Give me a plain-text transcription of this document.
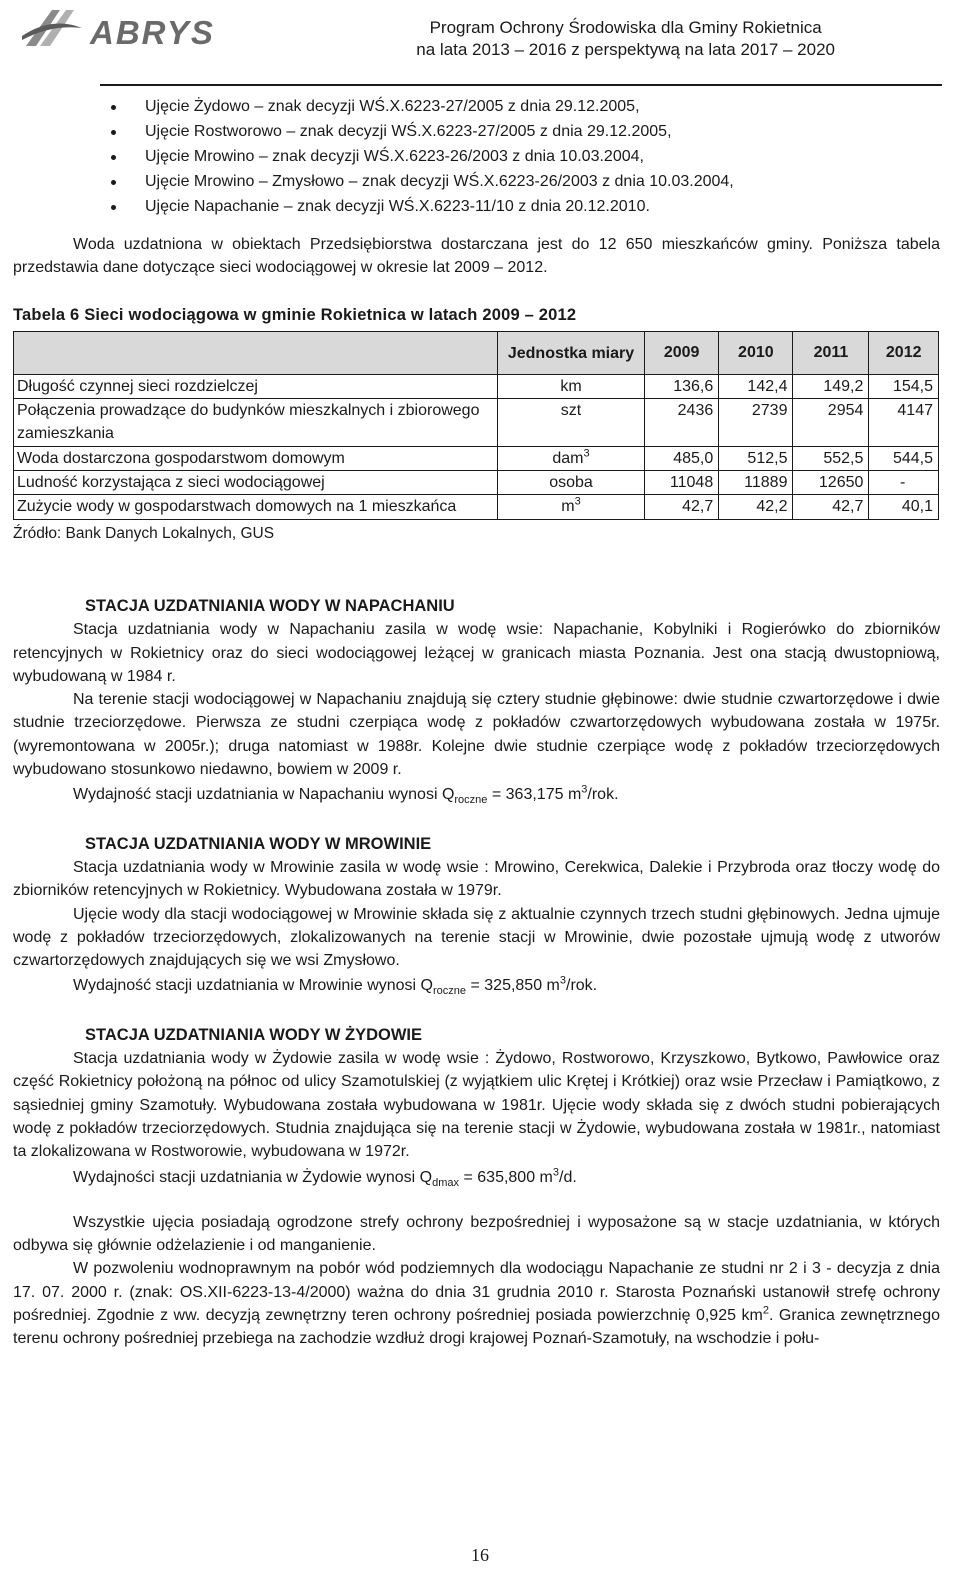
ABRYS	Program Ochrony Środowiska dla Gminy Rokietnica
na lata 2013 – 2016 z perspektywą na lata 2017 – 2020
Ujęcie Żydowo – znak decyzji WŚ.X.6223-27/2005 z dnia 29.12.2005,
Ujęcie Rostworowo – znak decyzji WŚ.X.6223-27/2005 z dnia 29.12.2005,
Ujęcie Mrowino – znak decyzji WŚ.X.6223-26/2003 z dnia 10.03.2004,
Ujęcie Mrowino – Zmysłowo – znak decyzji WŚ.X.6223-26/2003 z dnia 10.03.2004,
Ujęcie Napachanie – znak decyzji WŚ.X.6223-11/10 z dnia 20.12.2010.

Woda uzdatniona w obiektach Przedsiębiorstwa dostarczana jest do 12 650 mieszkańców gminy. Poniższa tabela przedstawia dane dotyczące sieci wodociągowej w okresie lat 2009 – 2012.

Tabela 6 Sieci wodociągowa w gminie Rokietnica w latach 2009 – 2012
	Jednostka miary	2009	2010	2011	2012
Długość czynnej sieci rozdzielczej	km	136,6	142,4	149,2	154,5
Połączenia prowadzące do budynków mieszkalnych i zbiorowego zamieszkania	szt	2436	2739	2954	4147
Woda dostarczona gospodarstwom domowym	dam$^3$	485,0	512,5	552,5	544,5
Ludność korzystająca z sieci wodociągowej	osoba	11048	11889	12650	-
Zużycie wody w gospodarstwach domowych na 1 mieszkańca	$m^3$	42,7	42,2	42,7	40,1
Źródło: Bank Danych Lokalnych, GUS
STACJA UZDATNIANIA WODY W NAPACHANIU

Stacja uzdatniania wody w Napachaniu zasila w wodę wsie: Napachanie, Kobylniki i Rogierówko do zbiorników retencyjnych w Rokietnicy oraz do sieci wodociągowej leżącej w granicach miasta Poznania. Jest ona stacją dwustopniową, wybudowaną w 1984 r.

Na terenie stacji wodociągowej w Napachaniu znajdują się cztery studnie głębinowe: dwie studnie czwartorzędowe i dwie studnie trzeciorzędowe. Pierwsza ze studni czerpiąca wodę z pokładów czwartorzędowych wybudowana została w 1975r. (wyremontowana w 2005r.); druga natomiast w 1988r. Kolejne dwie studnie czerpiące wodę z pokładów trzeciorzędowych wybudowano stosunkowo niedawno, bowiem w 2009 r.

Wydajność stacji uzdatniania w Napachaniu wynosi $Q_{roczne} = 363,175$ $m^3$/rok.

STACJA UZDATNIANIA WODY W MROWINIE

Stacja uzdatniania wody w Mrowinie zasila w wodę wsie : Mrowino, Cerekwica, Dalekie i Przybroda oraz tłoczy wodę do zbiorników retencyjnych w Rokietnicy. Wybudowana została w 1979r.

Ujęcie wody dla stacji wodociągowej w Mrowinie składa się z aktualnie czynnych trzech studni głębinowych. Jedna ujmuje wodę z pokładów trzeciorzędowych, zlokalizowanych na terenie stacji w Mrowinie, dwie pozostałe ujmują wodę z utworów czwartorzędowych znajdujących się we wsi Zmysłowo.

Wydajność stacji uzdatniania w Mrowinie wynosi $Q_{roczne} = 325,850$ $m^3$/rok.

STACJA UZDATNIANIA WODY W ŻYDOWIE

Stacja uzdatniania wody w Żydowie zasila w wodę wsie : Żydowo, Rostworowo, Krzyszkowo, Bytkowo, Pawłowice oraz część Rokietnicy położoną na północ od ulicy Szamotulskiej (z wyjątkiem ulic Krętej i Krótkiej) oraz wsie Przecław i Pamiątkowo, z sąsiedniej gminy Szamotuły. Wybudowana została wybudowana w 1981r. Ujęcie wody składa się z dwóch studni pobierających wodę z pokładów trzeciorzędowych. Studnia znajdująca się na terenie stacji w Żydowie, wybudowana została w 1981r., natomiast ta zlokalizowana w Rostworowie, wybudowana w 1972r.

Wydajności stacji uzdatniania w Żydowie wynosi $Q_{dmax} = 635,800$ $m^3/d$.

Wszystkie ujęcia posiadają ogrodzone strefy ochrony bezpośredniej i wyposażone są w stacje uzdatniania, w których odbywa się głównie odżelazienie i od manganienie.

W pozwoleniu wodnoprawnym na pobór wód podziemnych dla wodociągu Napachanie ze studni nr 2 i 3 - decyzja z dnia 17. 07. 2000 r. (znak: OS.XII-6223-13-4/2000) ważna do dnia 31 grudnia 2010 r. Starosta Poznański ustanowił strefę ochrony pośredniej. Zgodnie z ww. decyzją zewnętrzny teren ochrony pośredniej posiada powierzchnię 0,925 $km^2$. Granica zewnętrznego terenu ochrony pośredniej przebiega na zachodzie wzdłuż drogi krajowej Poznań-Szamotuły, na wschodzie i połu-

16
